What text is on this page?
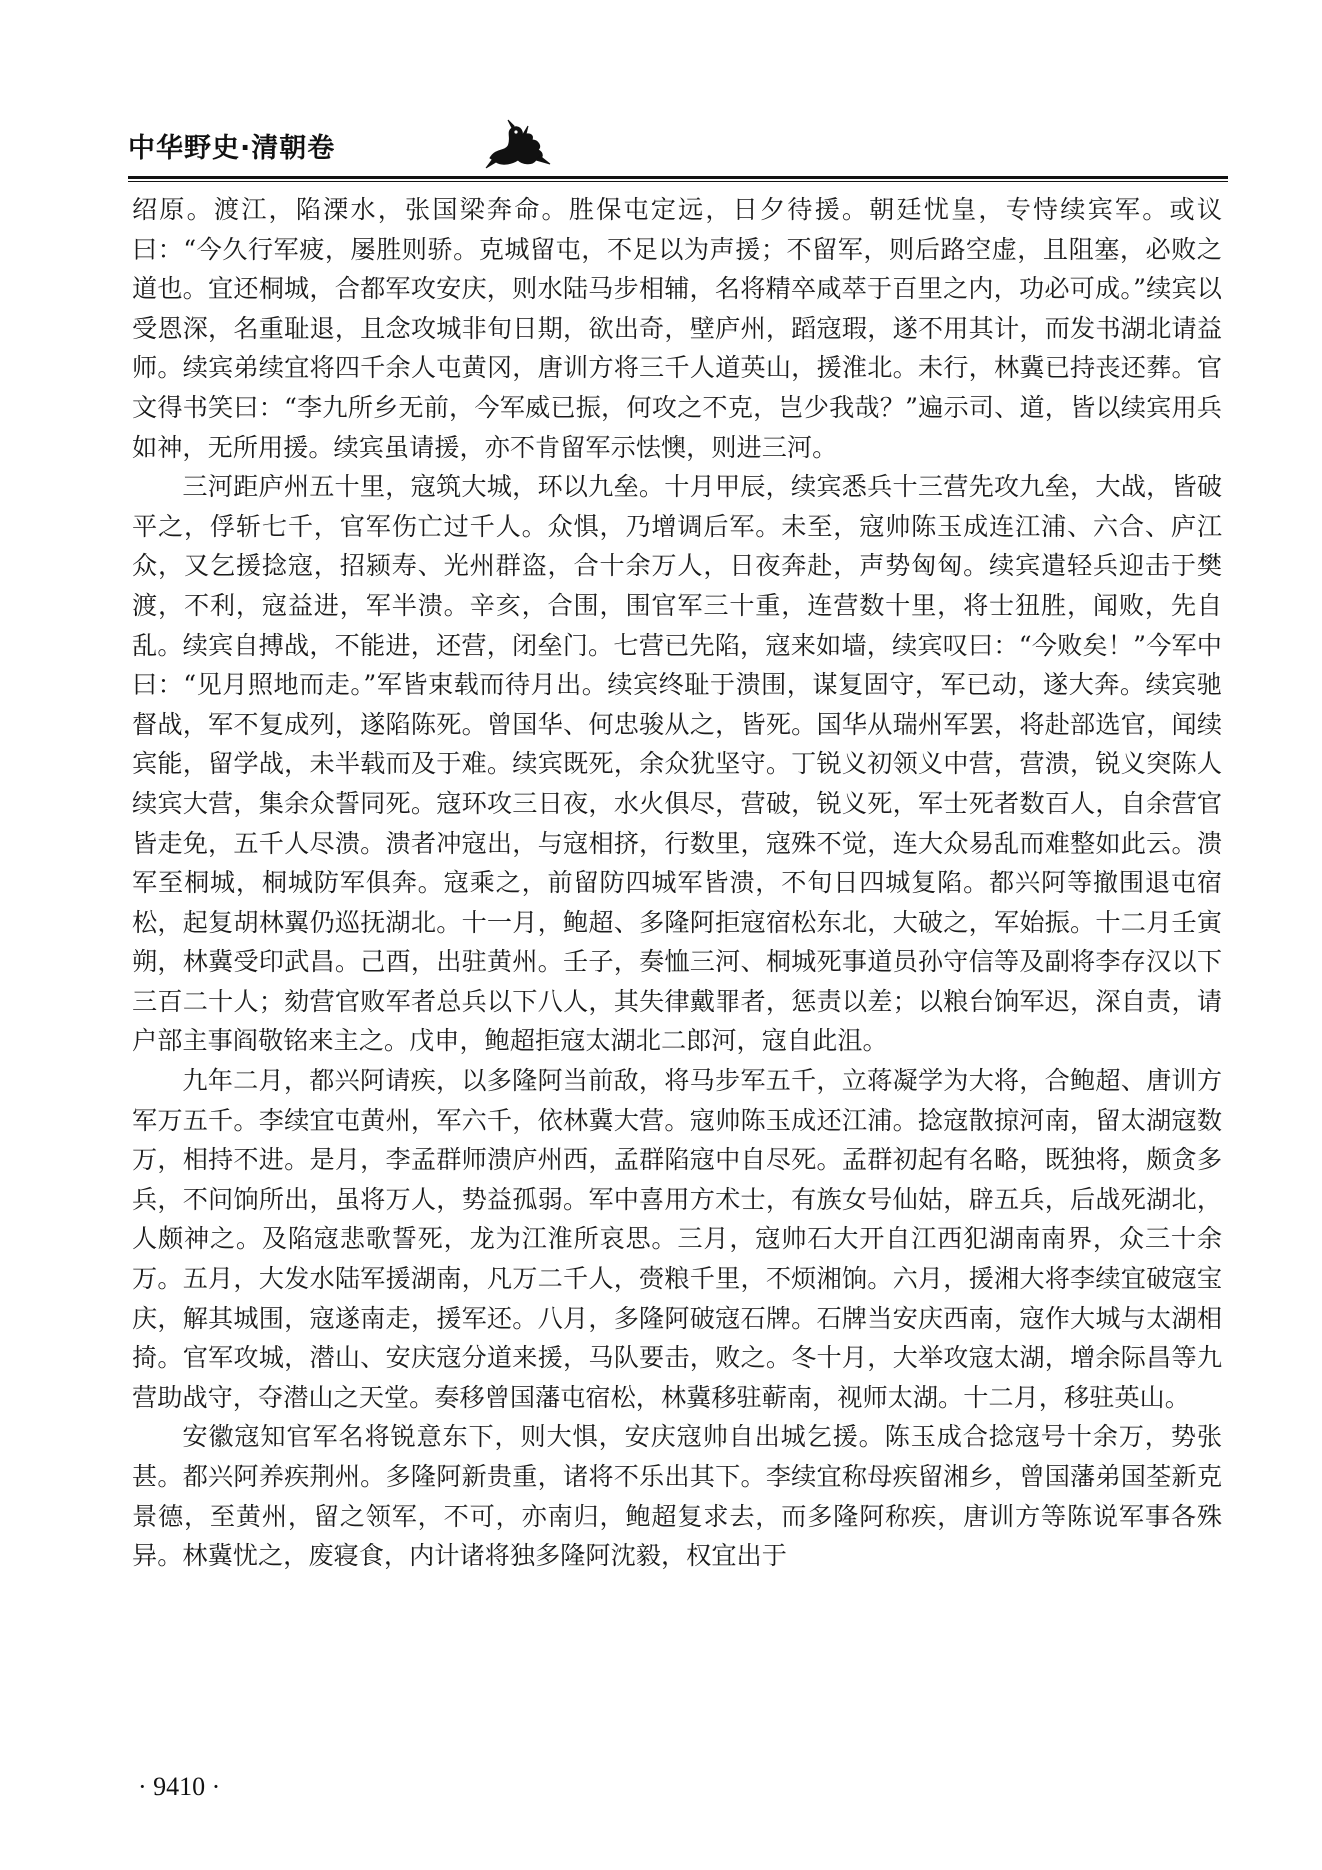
中华野史·清朝卷

绍原。渡江，陷溧水，张国梁奔命。胜保屯定远，日夕待援。朝廷忧皇，专恃续宾军。或议曰：“今久行军疲，屡胜则骄。克城留屯，不足以为声援；不留军，则后路空虚，且阻塞，必败之道也。宜还桐城，合都军攻安庆，则水陆马步相辅，名将精卒咸萃于百里之内，功必可成。”续宾以受恩深，名重耻退，且念攻城非旬日期，欲出奇，壁庐州，蹈寇瑕，遂不用其计，而发书湖北请益师。续宾弟续宜将四千余人屯黄冈，唐训方将三千人道英山，援淮北。未行，林冀已持丧还葬。官文得书笑曰：“李九所乡无前，今军威已振，何攻之不克，岂少我哉？”遍示司、道，皆以续宾用兵如神，无所用援。续宾虽请援，亦不肯留军示怯懊，则进三河。

三河距庐州五十里，寇筑大城，环以九垒。十月甲辰，续宾悉兵十三营先攻九垒，大战，皆破平之，俘斩七千，官军伤亡过千人。众惧，乃增调后军。未至，寇帅陈玉成连江浦、六合、庐江众，又乞援捻寇，招颍寿、光州群盗，合十余万人，日夜奔赴，声势匈匈。续宾遣轻兵迎击于樊渡，不利，寇益进，军半溃。辛亥，合围，围官军三十重，连营数十里，将士狃胜，闻败，先自乱。续宾自搏战，不能进，还营，闭垒门。七营已先陷，寇来如墙，续宾叹曰：“今败矣！”今军中曰：“见月照地而走。”军皆束载而待月出。续宾终耻于溃围，谋复固守，军已动，遂大奔。续宾驰督战，军不复成列，遂陷陈死。曾国华、何忠骏从之，皆死。国华从瑞州军罢，将赴部选官，闻续宾能，留学战，未半载而及于难。续宾既死，余众犹坚守。丁锐义初领义中营，营溃，锐义突陈人续宾大营，集余众誓同死。寇环攻三日夜，水火俱尽，营破，锐义死，军士死者数百人，自余营官皆走免，五千人尽溃。溃者冲寇出，与寇相挤，行数里，寇殊不觉，连大众易乱而难整如此云。溃军至桐城，桐城防军俱奔。寇乘之，前留防四城军皆溃，不旬日四城复陷。都兴阿等撤围退屯宿松，起复胡林翼仍巡抚湖北。十一月，鲍超、多隆阿拒寇宿松东北，大破之，军始振。十二月壬寅朔，林冀受印武昌。己酉，出驻黄州。壬子，奏恤三河、桐城死事道员孙守信等及副将李存汉以下三百二十人；劾营官败军者总兵以下八人，其失律戴罪者，惩责以差；以粮台饷军迟，深自责，请户部主事阎敬铭来主之。戊申，鲍超拒寇太湖北二郎河，寇自此沮。

九年二月，都兴阿请疾，以多隆阿当前敌，将马步军五千，立蒋凝学为大将，合鲍超、唐训方军万五千。李续宜屯黄州，军六千，依林冀大营。寇帅陈玉成还江浦。捻寇散掠河南，留太湖寇数万，相持不进。是月，李孟群师溃庐州西，孟群陷寇中自尽死。孟群初起有名略，既独将，颇贪多兵，不问饷所出，虽将万人，势益孤弱。军中喜用方术士，有族女号仙姑，辟五兵，后战死湖北，人颇神之。及陷寇悲歌誓死，龙为江淮所哀思。三月，寇帅石大开自江西犯湖南南界，众三十余万。五月，大发水陆军援湖南，凡万二千人，赍粮千里，不烦湘饷。六月，援湘大将李续宜破寇宝庆，解其城围，寇遂南走，援军还。八月，多隆阿破寇石牌。石牌当安庆西南，寇作大城与太湖相掎。官军攻城，潜山、安庆寇分道来援，马队要击，败之。冬十月，大举攻寇太湖，增余际昌等九营助战守，夺潜山之天堂。奏移曾国藩屯宿松，林冀移驻蕲南，视师太湖。十二月，移驻英山。

安徽寇知官军名将锐意东下，则大惧，安庆寇帅自出城乞援。陈玉成合捻寇号十余万，势张甚。都兴阿养疾荆州。多隆阿新贵重，诸将不乐出其下。李续宜称母疾留湘乡，曾国藩弟国荃新克景德，至黄州，留之领军，不可，亦南归，鲍超复求去，而多隆阿称疾，唐训方等陈说军事各殊异。林冀忧之，废寝食，内计诸将独多隆阿沈毅，权宜出于

· 9410 ·
